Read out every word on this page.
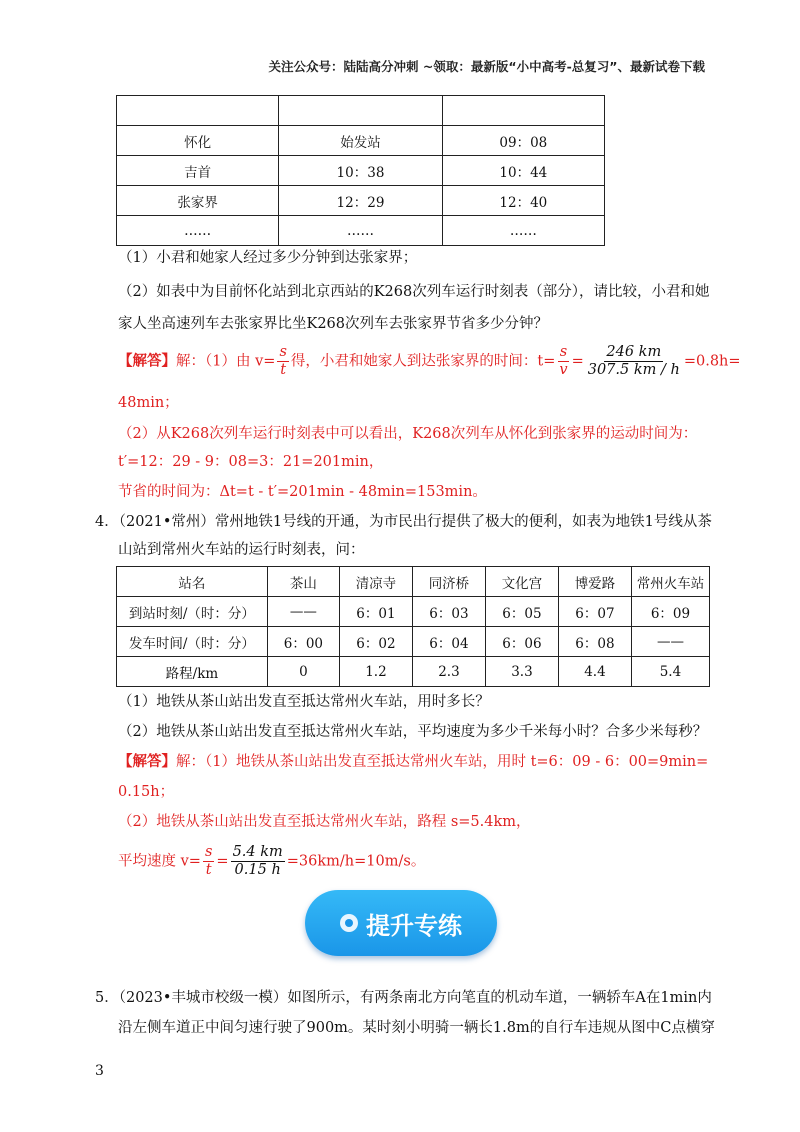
关注公众号：陆陆高分冲刺 ~领取：最新版“小中高考-总复习”、最新试卷下载

怀化	始发站	09：08
吉首	10：38	10：44
张家界	12：29	12：40
……	……	……
（1）小君和她家人经过多少分钟到达张家界；
（2）如表中为目前怀化站到北京西站的K268次列车运行时刻表（部分），请比较，小君和她
家人坐高速列车去张家界比坐K268次列车去张家界节省多少分钟？
【解答】解：（1）由 $v= \frac{s}{t}$ 得，小君和她家人到达张家界的时间：$t= \frac{s}{v} = \frac{246 km}{307.5 km / h} =0.8h=$
48min；
（2）从K268次列车运行时刻表中可以看出，K268次列车从怀化到张家界的运动时间为：
t′=12：29 - 9：08=3：21=201min，
节省的时间为：Δt=t - t′=201min - 48min=153min。
4．（2021•常州）常州地铁1号线的开通，为市民出行提供了极大的便利，如表为地铁1号线从茶
山站到常州火车站的运行时刻表，问：
站名	茶山	清凉寺	同济桥	文化宫	博爱路	常州火车站
到站时刻/（时：分）	——	6：01	6：03	6：05	6：07	6：09
发车时间/（时：分）	6：00	6：02	6：04	6：06	6：08	——
路程/km	0	1.2	2.3	3.3	4.4	5.4
（1）地铁从茶山站出发直至抵达常州火车站，用时多长？
（2）地铁从茶山站出发直至抵达常州火车站，平均速度为多少千米每小时？合多少米每秒？
【解答】解：（1）地铁从茶山站出发直至抵达常州火车站，用时 t=6：09 - 6：00=9min=
0.15h；
（2）地铁从茶山站出发直至抵达常州火车站，路程 s=5.4km，
平均速度 $v= \frac{s}{t} = \frac{5.4 km}{0.15 h} =36km/h=10m/s$。
提升专练
5．（2023•丰城市校级一模）如图所示，有两条南北方向笔直的机动车道，一辆轿车A在1min内
沿左侧车道正中间匀速行驶了900m。某时刻小明骑一辆长1.8m的自行车违规从图中C点横穿
3
